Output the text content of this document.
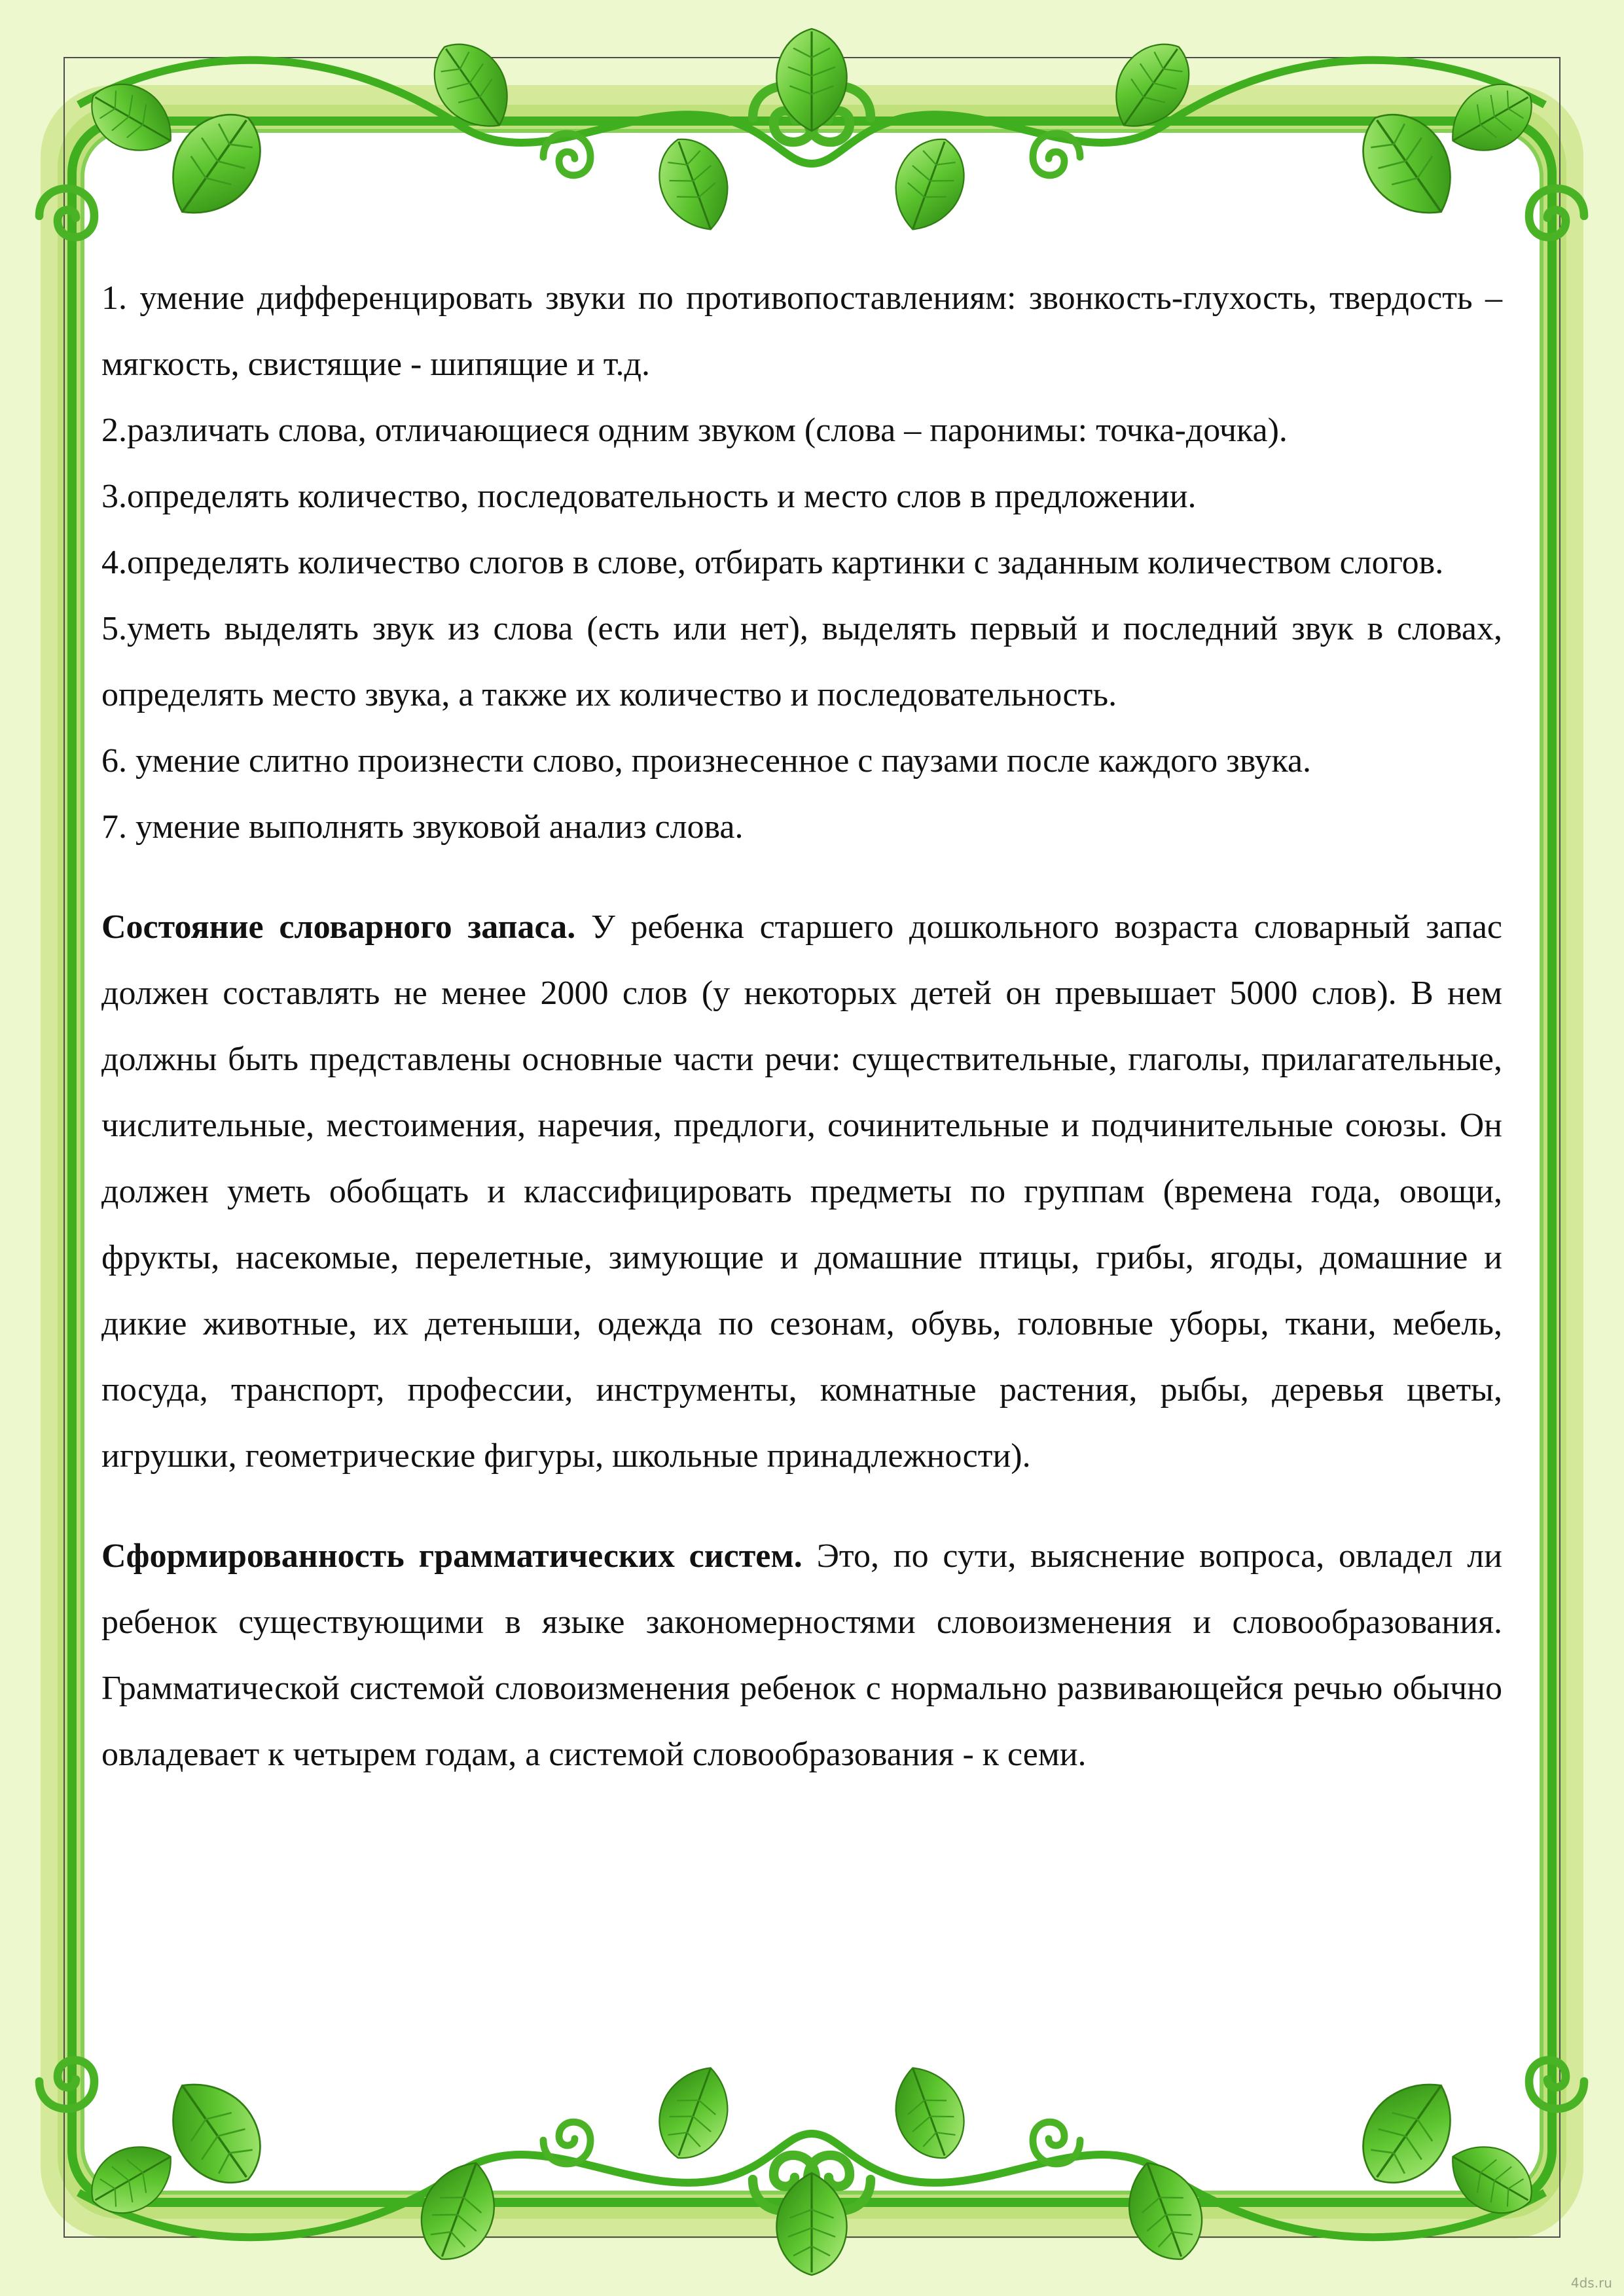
1. умение дифференцировать звуки по противопоставлениям: звонкость-глухость, твердость – мягкость, свистящие - шипящие и т.д.

2.различать слова, отличающиеся одним звуком (слова – паронимы: точка-дочка).

3.определять количество, последовательность и место слов в предложении.

4.определять количество слогов в слове, отбирать картинки с заданным количеством слогов.

5.уметь выделять звук из слова (есть или нет), выделять первый и последний звук в словах, определять место звука, а также их количество и последовательность.

6. умение слитно произнести слово, произнесенное с паузами после каждого звука.

7. умение выполнять звуковой анализ слова.

Состояние словарного запаса. У ребенка старшего дошкольного возраста словарный запас должен составлять не менее 2000 слов (у некоторых детей он превышает 5000 слов). В нем должны быть представлены основные части речи: существительные, глаголы, прилагательные, числительные, местоимения, наречия, предлоги, сочинительные и подчинительные союзы. Он должен уметь обобщать и классифицировать предметы по группам (времена года, овощи, фрукты, насекомые, перелетные, зимующие и домашние птицы, грибы, ягоды, домашние и дикие животные, их детеныши, одежда по сезонам, обувь, головные уборы, ткани, мебель, посуда, транспорт, профессии, инструменты, комнатные растения, рыбы, деревья цветы, игрушки, геометрические фигуры, школьные принадлежности).

Сформированность грамматических систем. Это, по сути, выяснение вопроса, овладел ли ребенок существующими в языке закономерностями словоизменения и словообразования. Грамматической системой словоизменения ребенок с нормально развивающейся речью обычно овладевает к четырем годам, а системой словообразования - к семи.

4ds.ru
